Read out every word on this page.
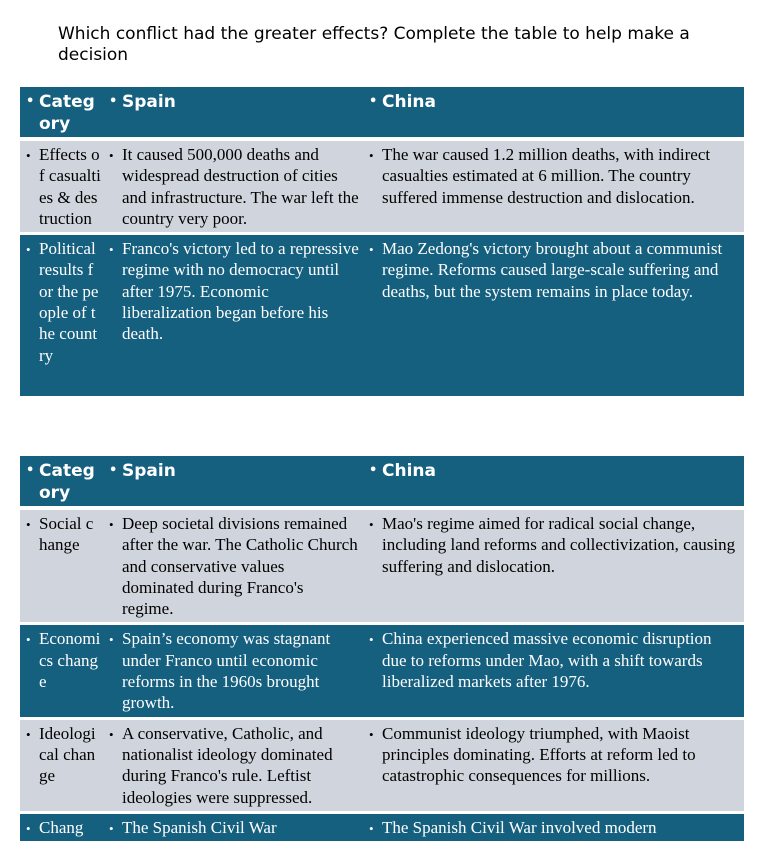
Which conflict had the greater effects? Complete the table to help make a decision
• Category	• Spain	• China

• Effects of casualties & destruction	• It caused 500,000 deaths and widespread destruction of cities and infrastructure. The war left the country very poor.	• The war caused 1.2 million deaths, with indirect casualties estimated at 6 million. The country suffered immense destruction and dislocation.

• Political results for the people of the country	• Franco's victory led to a repressive regime with no democracy until after 1975. Economic liberalization began before his death.	• Mao Zedong's victory brought about a communist regime. Reforms caused large-scale suffering and deaths, but the system remains in place today.
• Category	• Spain	• China

• Social change	• Deep societal divisions remained after the war. The Catholic Church and conservative values dominated during Franco's regime.	• Mao's regime aimed for radical social change, including land reforms and collectivization, causing suffering and dislocation.

• Economics change	• Spain’s economy was stagnant under Franco until economic reforms in the 1960s brought growth.	• China experienced massive economic disruption due to reforms under Mao, with a shift towards liberalized markets after 1976.

• Ideological change	• A conservative, Catholic, and nationalist ideology dominated during Franco's rule. Leftist ideologies were suppressed.	• Communist ideology triumphed, with Maoist principles dominating. Efforts at reform led to catastrophic consequences for millions.

• Chang	• The Spanish Civil War	• The Spanish Civil War involved modern
